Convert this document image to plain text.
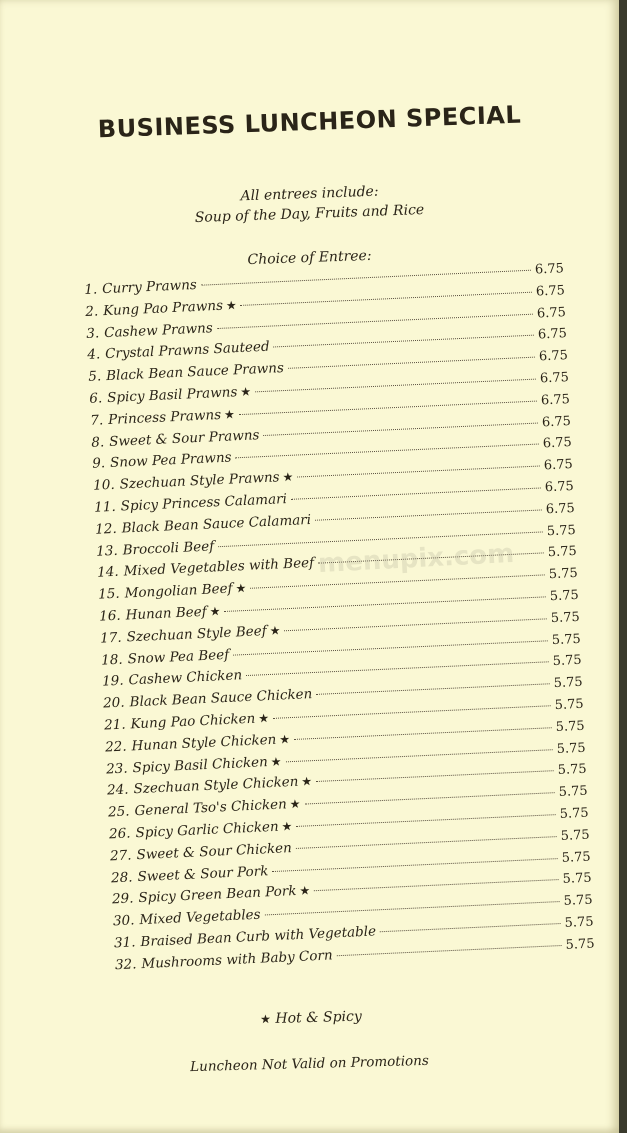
BUSINESS LUNCHEON SPECIAL
All entrees include:
Soup of the Day, Fruits and Rice
Choice of Entree:
1. Curry Prawns
6.75
2. Kung Pao Prawns ★
6.75
3. Cashew Prawns
6.75
4. Crystal Prawns Sauteed
6.75
5. Black Bean Sauce Prawns
6.75
6. Spicy Basil Prawns ★
6.75
7. Princess Prawns ★
6.75
8. Sweet & Sour Prawns
6.75
9. Snow Pea Prawns
6.75
10. Szechuan Style Prawns ★
6.75
11. Spicy Princess Calamari
6.75
12. Black Bean Sauce Calamari
6.75
13. Broccoli Beef
5.75
14. Mixed Vegetables with Beef
5.75
15. Mongolian Beef ★
5.75
16. Hunan Beef ★
5.75
17. Szechuan Style Beef ★
5.75
18. Snow Pea Beef
5.75
19. Cashew Chicken
5.75
20. Black Bean Sauce Chicken
5.75
21. Kung Pao Chicken ★
5.75
22. Hunan Style Chicken ★
5.75
23. Spicy Basil Chicken ★
5.75
24. Szechuan Style Chicken ★
5.75
25. General Tso's Chicken ★
5.75
26. Spicy Garlic Chicken ★
5.75
27. Sweet & Sour Chicken
5.75
28. Sweet & Sour Pork
5.75
29. Spicy Green Bean Pork ★
5.75
30. Mixed Vegetables
5.75
31. Braised Bean Curb with Vegetable
5.75
32. Mushrooms with Baby Corn
5.75
menupix.com
★ Hot & Spicy
Luncheon Not Valid on Promotions
